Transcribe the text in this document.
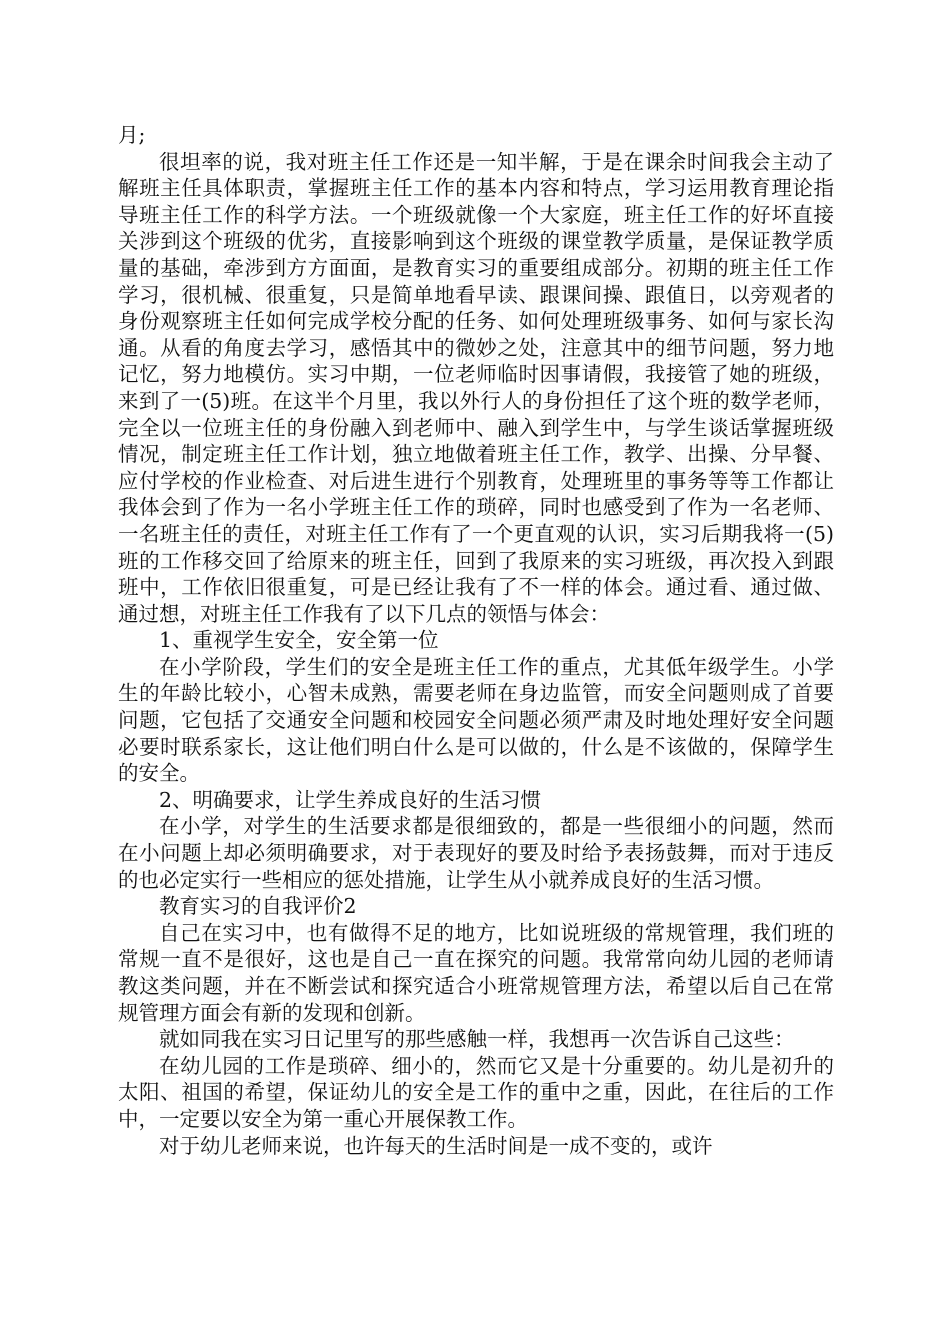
月;

很坦率的说，我对班主任工作还是一知半解，于是在课余时间我会主动了解班主任具体职责，掌握班主任工作的基本内容和特点，学习运用教育理论指导班主任工作的科学方法。一个班级就像一个大家庭，班主任工作的好坏直接关涉到这个班级的优劣，直接影响到这个班级的课堂教学质量，是保证教学质量的基础，牵涉到方方面面，是教育实习的重要组成部分。初期的班主任工作学习，很机械、很重复，只是简单地看早读、跟课间操、跟值日，以旁观者的身份观察班主任如何完成学校分配的任务、如何处理班级事务、如何与家长沟通。从看的角度去学习，感悟其中的微妙之处，注意其中的细节问题，努力地记忆，努力地模仿。实习中期，一位老师临时因事请假，我接管了她的班级，来到了一(5)班。在这半个月里，我以外行人的身份担任了这个班的数学老师，完全以一位班主任的身份融入到老师中、融入到学生中，与学生谈话掌握班级情况，制定班主任工作计划，独立地做着班主任工作，教学、出操、分早餐、应付学校的作业检查、对后进生进行个别教育，处理班里的事务等等工作都让我体会到了作为一名小学班主任工作的琐碎，同时也感受到了作为一名老师、一名班主任的责任，对班主任工作有了一个更直观的认识，实习后期我将一(5)班的工作移交回了给原来的班主任，回到了我原来的实习班级，再次投入到跟班中，工作依旧很重复，可是已经让我有了不一样的体会。通过看、通过做、通过想，对班主任工作我有了以下几点的领悟与体会：

1、重视学生安全，安全第一位

在小学阶段，学生们的安全是班主任工作的重点，尤其低年级学生。小学生的年龄比较小，心智未成熟，需要老师在身边监管，而安全问题则成了首要问题，它包括了交通安全问题和校园安全问题必须严肃及时地处理好安全问题必要时联系家长，这让他们明白什么是可以做的，什么是不该做的，保障学生的安全。

2、明确要求，让学生养成良好的生活习惯

在小学，对学生的生活要求都是很细致的，都是一些很细小的问题，然而在小问题上却必须明确要求，对于表现好的要及时给予表扬鼓舞，而对于违反的也必定实行一些相应的惩处措施，让学生从小就养成良好的生活习惯。

教育实习的自我评价2

自己在实习中，也有做得不足的地方，比如说班级的常规管理，我们班的常规一直不是很好，这也是自己一直在探究的问题。我常常向幼儿园的老师请教这类问题，并在不断尝试和探究适合小班常规管理方法，希望以后自己在常规管理方面会有新的发现和创新。

就如同我在实习日记里写的那些感触一样，我想再一次告诉自己这些：

在幼儿园的工作是琐碎、细小的，然而它又是十分重要的。幼儿是初升的太阳、祖国的希望，保证幼儿的安全是工作的重中之重，因此，在往后的工作中，一定要以安全为第一重心开展保教工作。

对于幼儿老师来说，也许每天的生活时间是一成不变的，或许
